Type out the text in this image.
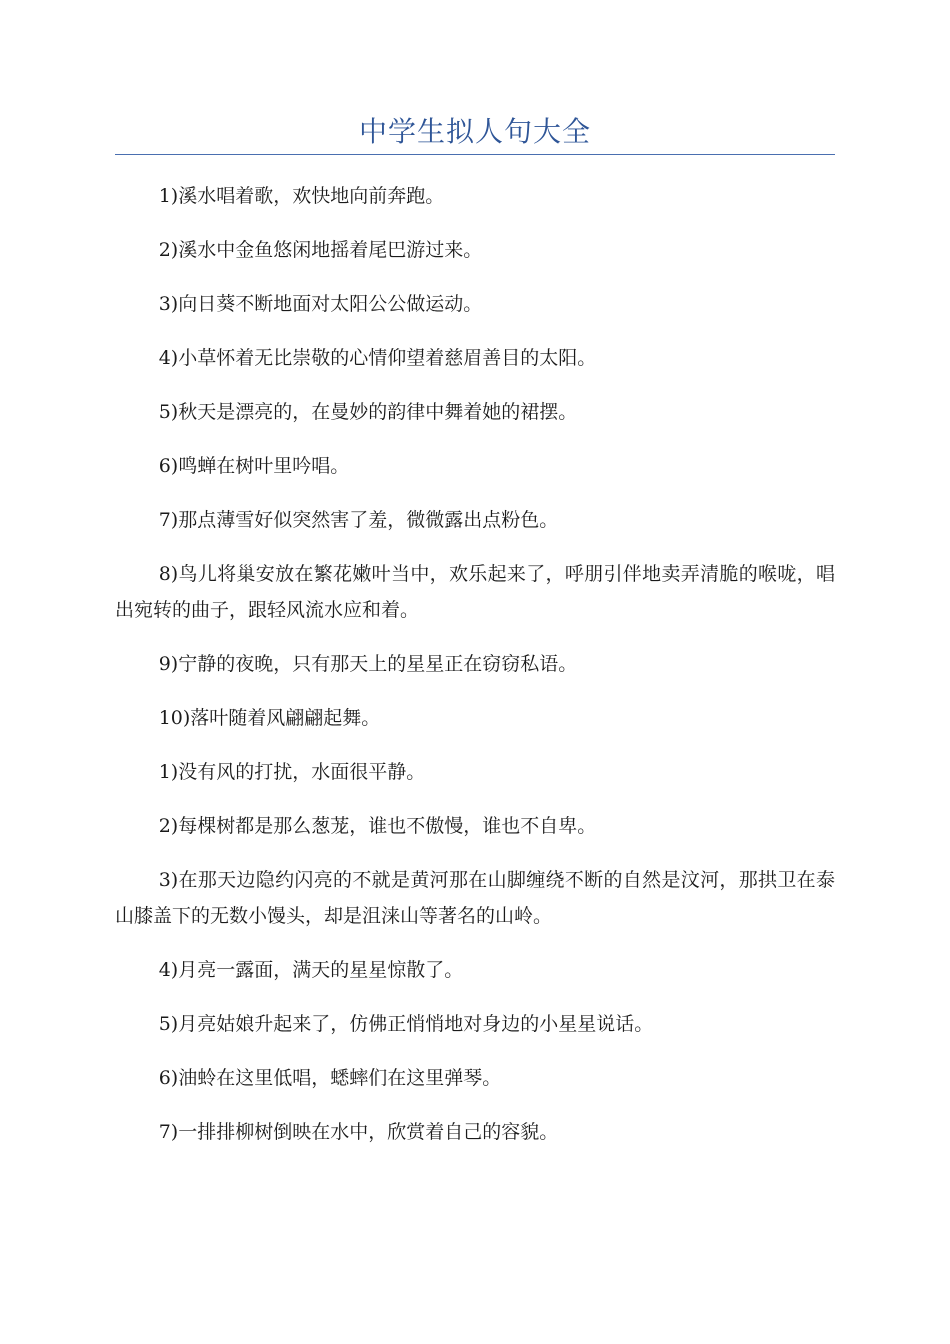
中学生拟人句大全

1)溪水唱着歌，欢快地向前奔跑。

2)溪水中金鱼悠闲地摇着尾巴游过来。

3)向日葵不断地面对太阳公公做运动。

4)小草怀着无比崇敬的心情仰望着慈眉善目的太阳。

5)秋天是漂亮的，在曼妙的韵律中舞着她的裙摆。

6)鸣蝉在树叶里吟唱。

7)那点薄雪好似突然害了羞，微微露出点粉色。

8)鸟儿将巢安放在繁花嫩叶当中，欢乐起来了，呼朋引伴地卖弄清脆的喉咙，唱出宛转的曲子，跟轻风流水应和着。

9)宁静的夜晚，只有那天上的星星正在窃窃私语。

10)落叶随着风翩翩起舞。

1)没有风的打扰，水面很平静。

2)每棵树都是那么葱茏，谁也不傲慢，谁也不自卑。

3)在那天边隐约闪亮的不就是黄河那在山脚缠绕不断的自然是汶河，那拱卫在泰山膝盖下的无数小馒头，却是沮涞山等著名的山岭。

4)月亮一露面，满天的星星惊散了。

5)月亮姑娘升起来了，仿佛正悄悄地对身边的小星星说话。

6)油蛉在这里低唱，蟋蟀们在这里弹琴。

7)一排排柳树倒映在水中，欣赏着自己的容貌。
